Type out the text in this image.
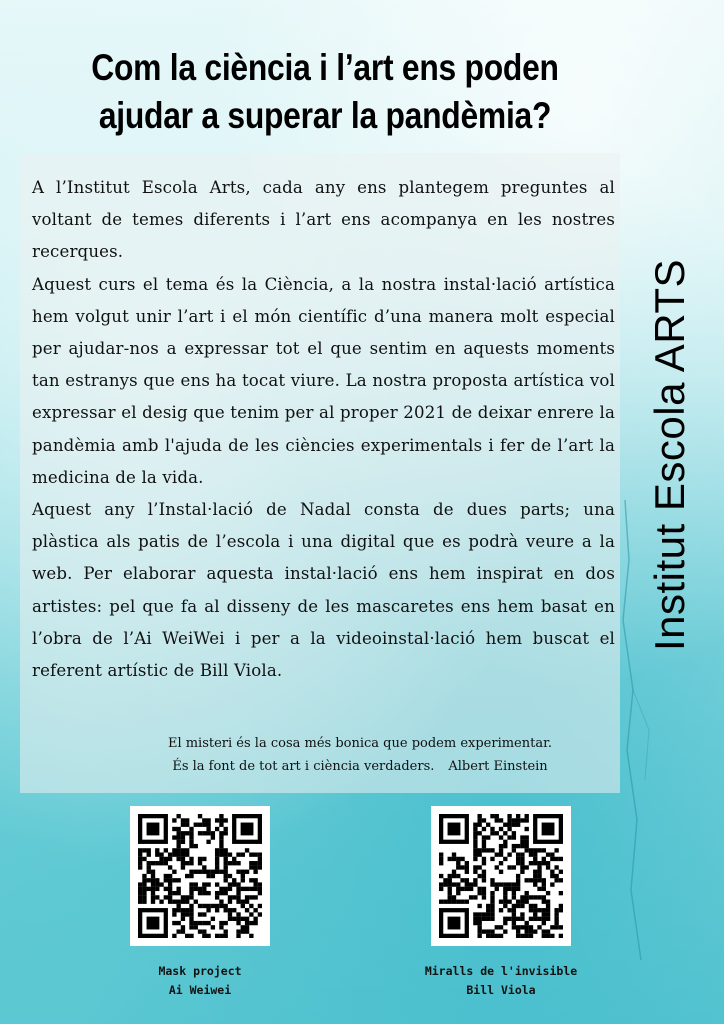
Com la ciència i l’art ens poden
ajudar a superar la pandèmia?

A l’Institut Escola Arts, cada any ens plantegem preguntes al voltant de temes diferents i l’art ens acompanya en les nostres recerques.

Aquest curs el tema és la Ciència, a la nostra instal·lació artística hem volgut unir l’art i el món científic d’una manera molt especial per ajudar-nos a expressar tot el que sentim en aquests moments tan estranys que ens ha tocat viure. La nostra proposta artística vol expressar el desig que tenim per al proper 2021 de deixar enrere la pandèmia amb l'ajuda de les ciències experimentals i fer de l’art la medicina de la vida.

Aquest any l’Instal·lació de Nadal consta de dues parts; una plàstica als patis de l’escola i una digital que es podrà veure a la web. Per elaborar aquesta instal·lació ens hem inspirat en dos artistes: pel que fa al disseny de les mascaretes ens hem basat en l’obra de l’Ai WeiWei i per a la videoinstal·lació hem buscat el referent artístic de Bill Viola.

El misteri és la cosa més bonica que podem experimentar.
És la font de tot art i ciència verdaders. Albert Einstein
Institut Escola ARTS
Mask project
Ai Weiwei
Miralls de l'invisible
Bill Viola
